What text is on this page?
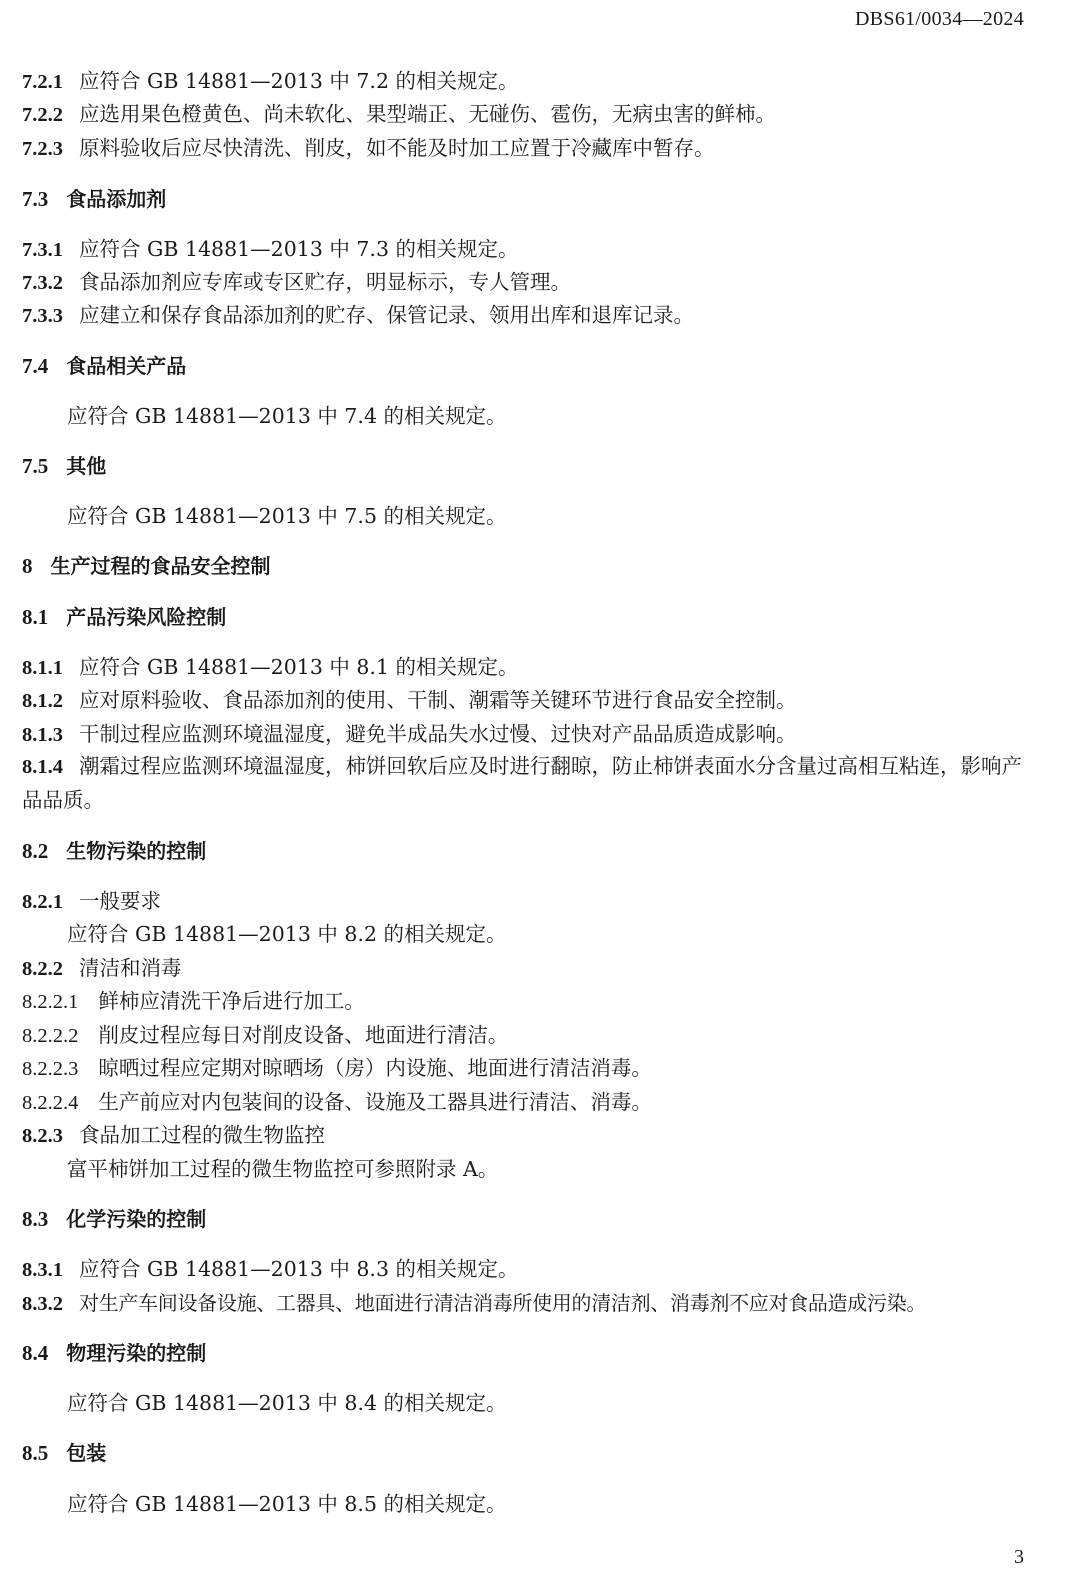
DBS61/0034—2024
7.2.1 应符合 GB 14881—2013 中 7.2 的相关规定。
7.2.2 应选用果色橙黄色、尚未软化、果型端正、无碰伤、雹伤，无病虫害的鲜柿。
7.2.3 原料验收后应尽快清洗、削皮，如不能及时加工应置于冷藏库中暂存。
7.3 食品添加剂
7.3.1 应符合 GB 14881—2013 中 7.3 的相关规定。
7.3.2 食品添加剂应专库或专区贮存，明显标示，专人管理。
7.3.3 应建立和保存食品添加剂的贮存、保管记录、领用出库和退库记录。
7.4 食品相关产品
应符合 GB 14881—2013 中 7.4 的相关规定。
7.5 其他
应符合 GB 14881—2013 中 7.5 的相关规定。
8 生产过程的食品安全控制
8.1 产品污染风险控制
8.1.1 应符合 GB 14881—2013 中 8.1 的相关规定。
8.1.2 应对原料验收、食品添加剂的使用、干制、潮霜等关键环节进行食品安全控制。
8.1.3 干制过程应监测环境温湿度，避免半成品失水过慢、过快对产品品质造成影响。
8.1.4 潮霜过程应监测环境温湿度，柿饼回软后应及时进行翻晾，防止柿饼表面水分含量过高相互粘连，影响产品品质。
8.2 生物污染的控制
8.2.1 一般要求
应符合 GB 14881—2013 中 8.2 的相关规定。
8.2.2 清洁和消毒
8.2.2.1 鲜柿应清洗干净后进行加工。
8.2.2.2 削皮过程应每日对削皮设备、地面进行清洁。
8.2.2.3 晾晒过程应定期对晾晒场（房）内设施、地面进行清洁消毒。
8.2.2.4 生产前应对内包装间的设备、设施及工器具进行清洁、消毒。
8.2.3 食品加工过程的微生物监控
富平柿饼加工过程的微生物监控可参照附录 A。
8.3 化学污染的控制
8.3.1 应符合 GB 14881—2013 中 8.3 的相关规定。
8.3.2 对生产车间设备设施、工器具、地面进行清洁消毒所使用的清洁剂、消毒剂不应对食品造成污染。
8.4 物理污染的控制
应符合 GB 14881—2013 中 8.4 的相关规定。
8.5 包装
应符合 GB 14881—2013 中 8.5 的相关规定。
3
